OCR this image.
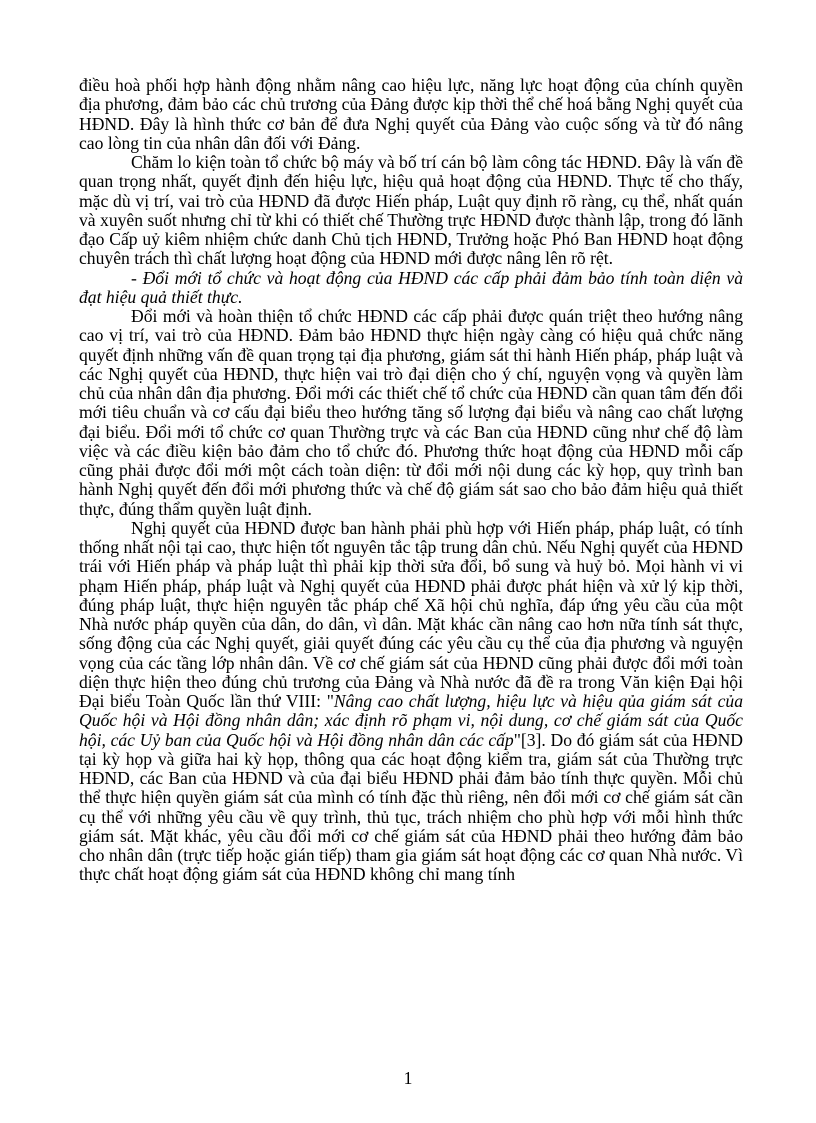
điều hoà phối hợp hành động nhằm nâng cao hiệu lực, năng lực hoạt động của chính quyền địa phương, đảm bảo các chủ trương của Đảng được kịp thời thể chế hoá bằng Nghị quyết của HĐND. Đây là hình thức cơ bản để đưa Nghị quyết của Đảng vào cuộc sống và từ đó nâng cao lòng tin của nhân dân đối với Đảng.

Chăm lo kiện toàn tổ chức bộ máy và bố trí cán bộ làm công tác HĐND. Đây là vấn đề quan trọng nhất, quyết định đến hiệu lực, hiệu quả hoạt động của HĐND. Thực tế cho thấy, mặc dù vị trí, vai trò của HĐND đã được Hiến pháp, Luật quy định rõ ràng, cụ thể, nhất quán và xuyên suốt nhưng chỉ từ khi có thiết chế Thường trực HĐND được thành lập, trong đó lãnh đạo Cấp uỷ kiêm nhiệm chức danh Chủ tịch HĐND, Trưởng hoặc Phó Ban HĐND hoạt động chuyên trách thì chất lượng hoạt động của HĐND mới được nâng lên rõ rệt.

- Đổi mới tổ chức và hoạt động của HĐND các cấp phải đảm bảo tính toàn diện và đạt hiệu quả thiết thực.

Đổi mới và hoàn thiện tổ chức HĐND các cấp phải được quán triệt theo hướng nâng cao vị trí, vai trò của HĐND. Đảm bảo HĐND thực hiện ngày càng có hiệu quả chức năng quyết định những vấn đề quan trọng tại địa phương, giám sát thi hành Hiến pháp, pháp luật và các Nghị quyết của HĐND, thực hiện vai trò đại diện cho ý chí, nguyện vọng và quyền làm chủ của nhân dân địa phương. Đổi mới các thiết chế tổ chức của HĐND cần quan tâm đến đổi mới tiêu chuẩn và cơ cấu đại biểu theo hướng tăng số lượng đại biểu và nâng cao chất lượng đại biểu. Đổi mới tổ chức cơ quan Thường trực và các Ban của HĐND cũng như chế độ làm việc và các điều kiện bảo đảm cho tổ chức đó. Phương thức hoạt động của HĐND mỗi cấp cũng phải được đổi mới một cách toàn diện: từ đổi mới nội dung các kỳ họp, quy trình ban hành Nghị quyết đến đổi mới phương thức và chế độ giám sát sao cho bảo đảm hiệu quả thiết thực, đúng thẩm quyền luật định.

Nghị quyết của HĐND được ban hành phải phù hợp với Hiến pháp, pháp luật, có tính thống nhất nội tại cao, thực hiện tốt nguyên tắc tập trung dân chủ. Nếu Nghị quyết của HĐND trái với Hiến pháp và pháp luật thì phải kịp thời sửa đổi, bổ sung và huỷ bỏ. Mọi hành vi vi phạm Hiến pháp, pháp luật và Nghị quyết của HĐND phải được phát hiện và xử lý kịp thời, đúng pháp luật, thực hiện nguyên tắc pháp chế Xã hội chủ nghĩa, đáp ứng yêu cầu của một Nhà nước pháp quyền của dân, do dân, vì dân. Mặt khác cần nâng cao hơn nữa tính sát thực, sống động của các Nghị quyết, giải quyết đúng các yêu cầu cụ thể của địa phương và nguyện vọng của các tầng lớp nhân dân. Về cơ chế giám sát của HĐND cũng phải được đổi mới toàn diện thực hiện theo đúng chủ trương của Đảng và Nhà nước đã đề ra trong Văn kiện Đại hội Đại biểu Toàn Quốc lần thứ VIII: "Nâng cao chất lượng, hiệu lực và hiệu qủa giám sát của Quốc hội và Hội đồng nhân dân; xác định rõ phạm vi, nội dung, cơ chế giám sát của Quốc hội, các Uỷ ban của Quốc hội và Hội đồng nhân dân các cấp"[3]. Do đó giám sát của HĐND tại kỳ họp và giữa hai kỳ họp, thông qua các hoạt động kiểm tra, giám sát của Thường trực HĐND, các Ban của HĐND và của đại biểu HĐND phải đảm bảo tính thực quyền. Mỗi chủ thể thực hiện quyền giám sát của mình có tính đặc thù riêng, nên đổi mới cơ chế giám sát cần cụ thể với những yêu cầu về quy trình, thủ tục, trách nhiệm cho phù hợp với mỗi hình thức giám sát. Mặt khác, yêu cầu đổi mới cơ chế giám sát của HĐND phải theo hướng đảm bảo cho nhân dân (trực tiếp hoặc gián tiếp) tham gia giám sát hoạt động các cơ quan Nhà nước. Vì thực chất hoạt động giám sát của HĐND không chỉ mang tính

1
